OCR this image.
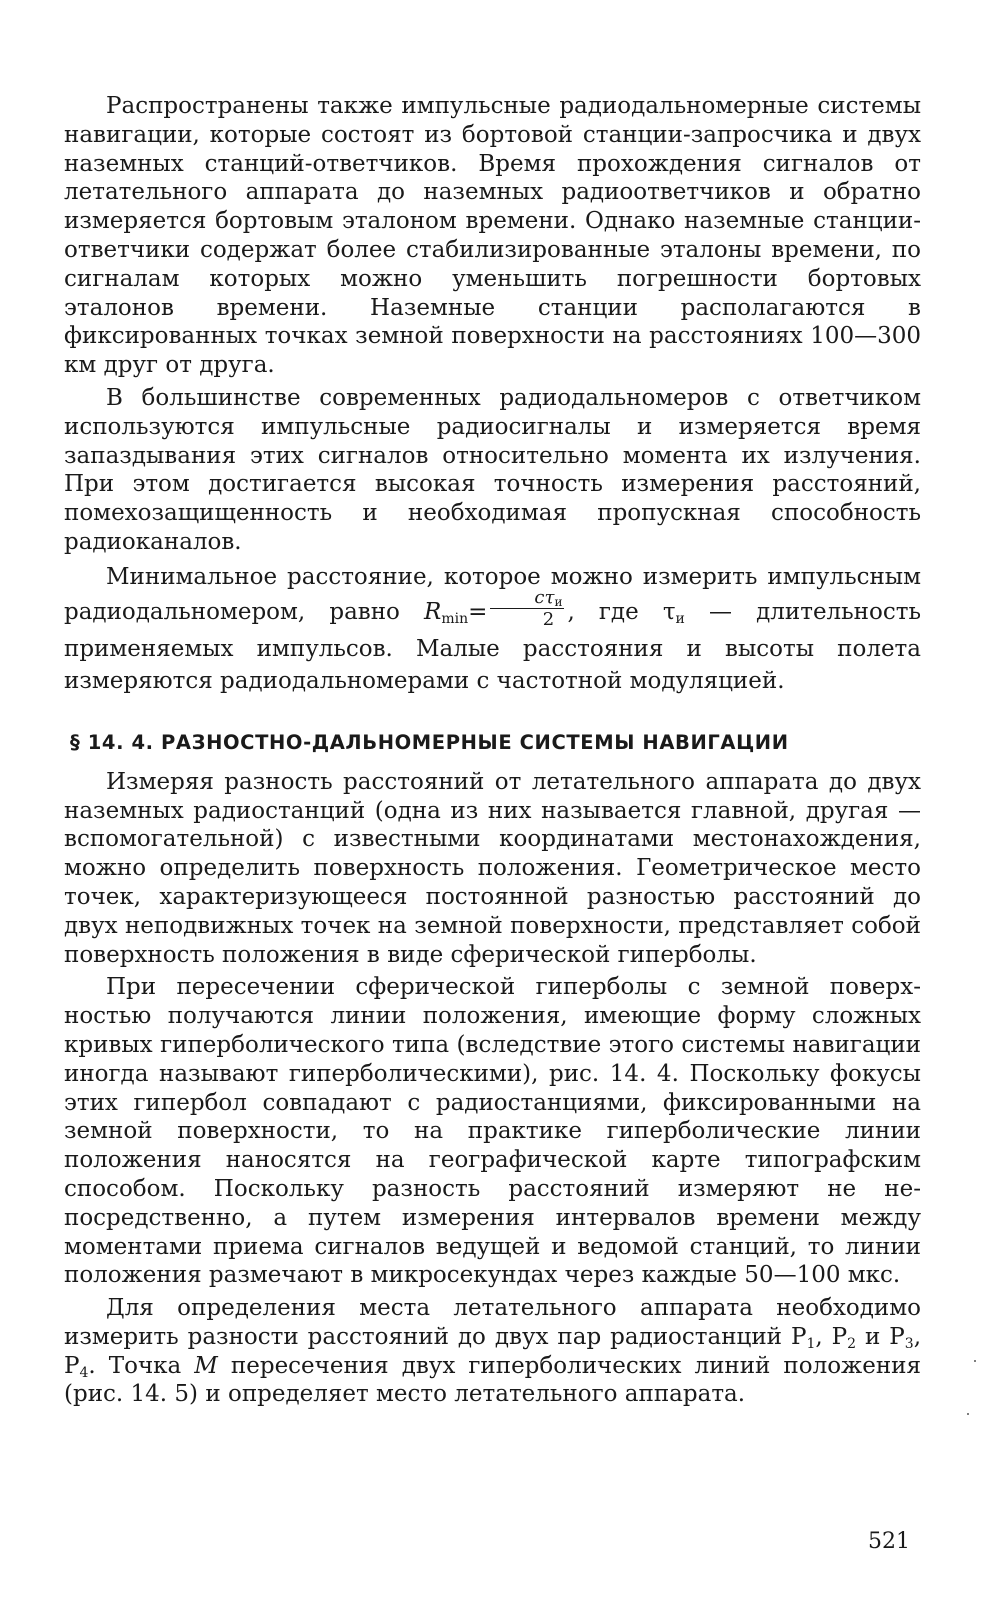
Распространены также импульсные радиодальномерные системы навигации, которые состоят из бортовой станции-запросчика и двух наземных станций-ответчиков. Время прохождения сигналов от летательного аппарата до наземных радиоответчиков и обратно измеряется бортовым эталоном времени. Однако наземные станции-ответчики содержат более стабилизированные эталоны времени, по сигналам которых можно уменьшить погрешности бортовых эталонов времени. Наземные станции располагаются в фиксированных точках земной поверхности на расстояниях 100—300 км друг от друга.

В большинстве современных радиодальномеров с ответчиком используются импульсные радиосигналы и измеряется время запаздывания этих сигналов относительно момента их излучения. При этом достигается высокая точность измерения расстояний, помехозащищенность и необходимая пропускная способность радиоканалов.

Минимальное расстояние, которое можно измерить импульсным радиодальномером, равно $R_{min}= \frac{c\tau_и}{2}$ , где $\tau_и$ — длительность применяемых импульсов. Малые расстояния и высоты полета измеряются радиодальномерами с частотной модуляцией.

§ 14. 4. РАЗНОСТНО-ДАЛЬНОМЕРНЫЕ СИСТЕМЫ НАВИГАЦИИ

Измеряя разность расстояний от летательного аппарата до двух наземных радиостанций (одна из них называется главной, другая — вспомогательной) с известными координатами местонахождения, можно определить поверхность положения. Геометрическое место точек, характеризующееся постоянной разностью расстояний до двух неподвижных точек на земной поверхности, представляет собой поверхность положения в виде сферической гиперболы.

При пересечении сферической гиперболы с земной поверхностью получаются линии положения, имеющие форму сложных кривых гиперболического типа (вследствие этого системы навигации иногда называют гиперболическими), рис. 14. 4. Поскольку фокусы этих гипербол совпадают с радиостанциями, фиксированными на земной поверхности, то на практике гиперболические линии положения наносятся на географической карте типографским способом. Поскольку разность расстояний измеряют не непосредственно, а путем измерения интервалов времени между моментами приема сигналов ведущей и ведомой станций, то линии положения размечают в микросекундах через каждые 50—100 мкс.

Для определения места летательного аппарата необходимо измерить разности расстояний до двух пар радиостанций $P_1$, $P_2$ и $P_3$, $P_4$. Точка M пересечения двух гиперболических линий положения (рис. 14. 5) и определяет место летательного аппарата.

521
